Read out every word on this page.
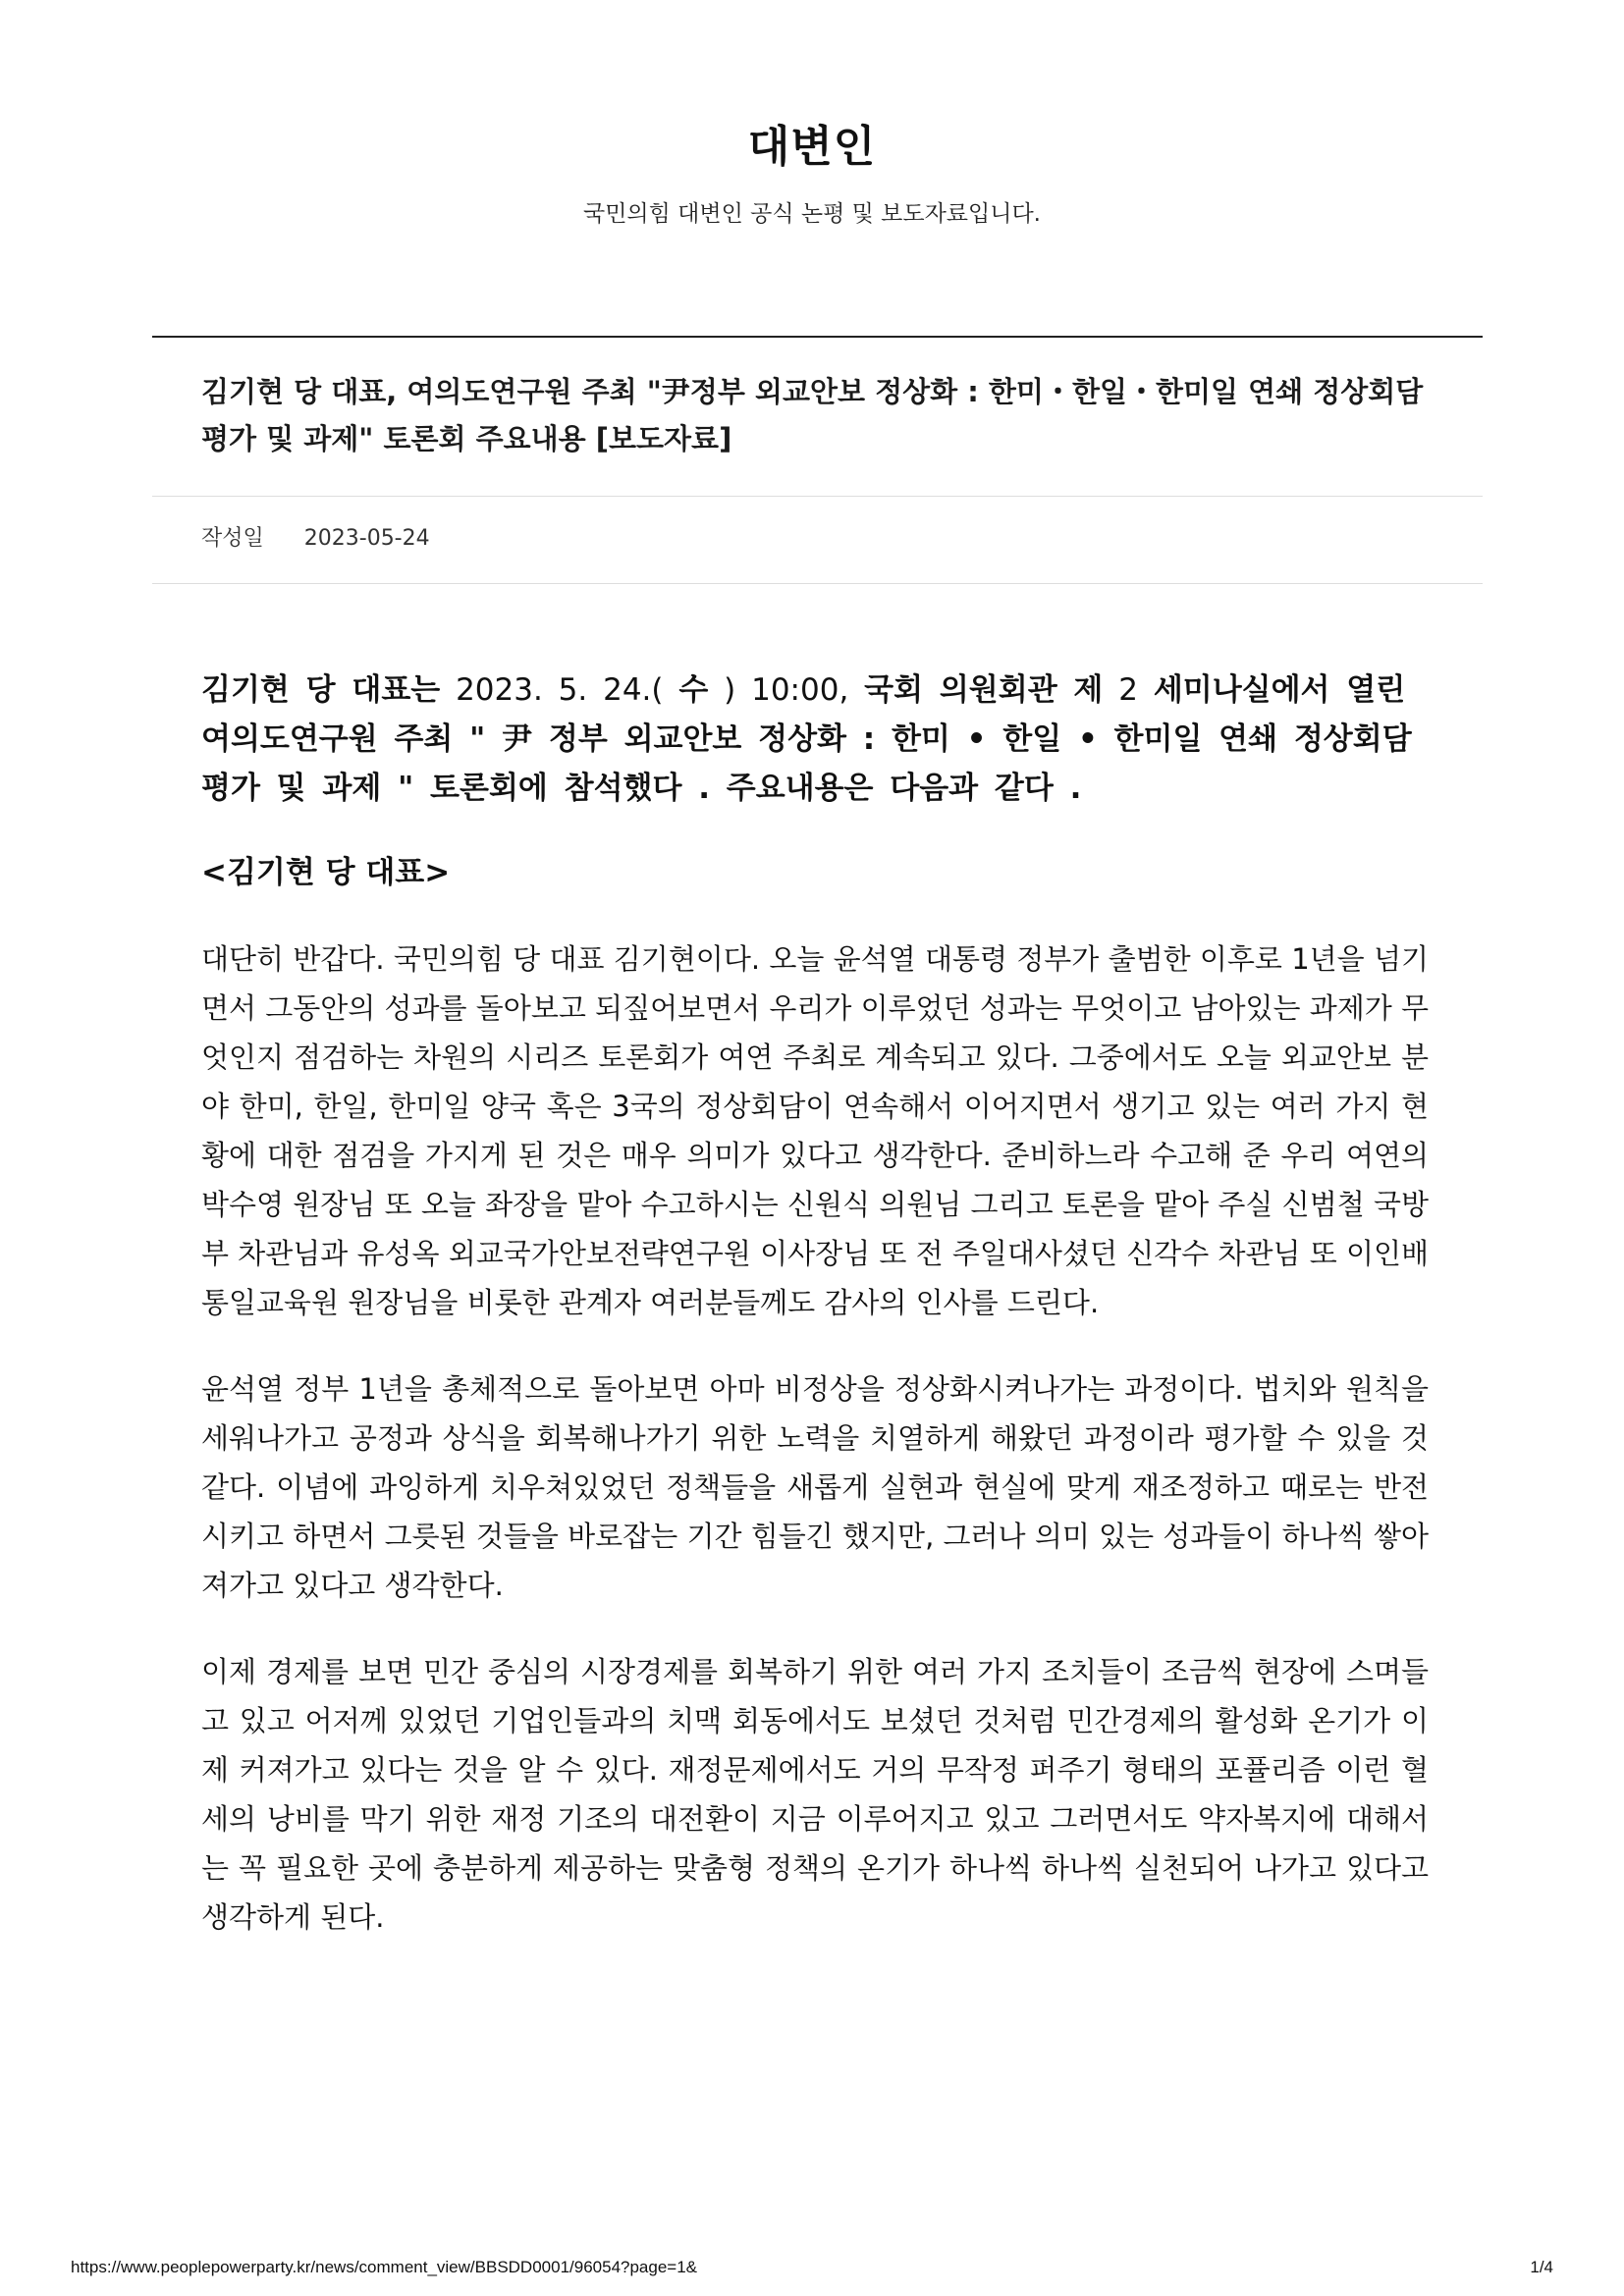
대변인

국민의힘 대변인 공식 논평 및 보도자료입니다.

김기현 당 대표, 여의도연구원 주최 "尹정부 외교안보 정상화 : 한미・한일・한미일 연쇄 정상회담 평가 및 과제" 토론회 주요내용 [보도자료]
작성일 2023-05-24

김기현 당 대표는 2023. 5. 24.( 수 ) 10:00, 국회 의원회관 제 2 세미나실에서 열린 여의도연구원 주최 " 尹 정부 외교안보 정상화 : 한미 • 한일 • 한미일 연쇄 정상회담 평가 및 과제 " 토론회에 참석했다 . 주요내용은 다음과 같다 .

<김기현 당 대표>

대단히 반갑다. 국민의힘 당 대표 김기현이다. 오늘 윤석열 대통령 정부가 출범한 이후로 1년을 넘기면서 그동안의 성과를 돌아보고 되짚어보면서 우리가 이루었던 성과는 무엇이고 남아있는 과제가 무엇인지 점검하는 차원의 시리즈 토론회가 여연 주최로 계속되고 있다. 그중에서도 오늘 외교안보 분야 한미, 한일, 한미일 양국 혹은 3국의 정상회담이 연속해서 이어지면서 생기고 있는 여러 가지 현황에 대한 점검을 가지게 된 것은 매우 의미가 있다고 생각한다. 준비하느라 수고해 준 우리 여연의 박수영 원장님 또 오늘 좌장을 맡아 수고하시는 신원식 의원님 그리고 토론을 맡아 주실 신범철 국방부 차관님과 유성옥 외교국가안보전략연구원 이사장님 또 전 주일대사셨던 신각수 차관님 또 이인배 통일교육원 원장님을 비롯한 관계자 여러분들께도 감사의 인사를 드린다.

윤석열 정부 1년을 총체적으로 돌아보면 아마 비정상을 정상화시켜나가는 과정이다. 법치와 원칙을 세워나가고 공정과 상식을 회복해나가기 위한 노력을 치열하게 해왔던 과정이라 평가할 수 있을 것 같다. 이념에 과잉하게 치우쳐있었던 정책들을 새롭게 실현과 현실에 맞게 재조정하고 때로는 반전시키고 하면서 그릇된 것들을 바로잡는 기간 힘들긴 했지만, 그러나 의미 있는 성과들이 하나씩 쌓아져가고 있다고 생각한다.

이제 경제를 보면 민간 중심의 시장경제를 회복하기 위한 여러 가지 조치들이 조금씩 현장에 스며들고 있고 어저께 있었던 기업인들과의 치맥 회동에서도 보셨던 것처럼 민간경제의 활성화 온기가 이제 커져가고 있다는 것을 알 수 있다. 재정문제에서도 거의 무작정 퍼주기 형태의 포퓰리즘 이런 혈세의 낭비를 막기 위한 재정 기조의 대전환이 지금 이루어지고 있고 그러면서도 약자복지에 대해서는 꼭 필요한 곳에 충분하게 제공하는 맞춤형 정책의 온기가 하나씩 하나씩 실천되어 나가고 있다고 생각하게 된다.

https://www.peoplepowerparty.kr/news/comment_view/BBSDD0001/96054?page=1&	1/4
